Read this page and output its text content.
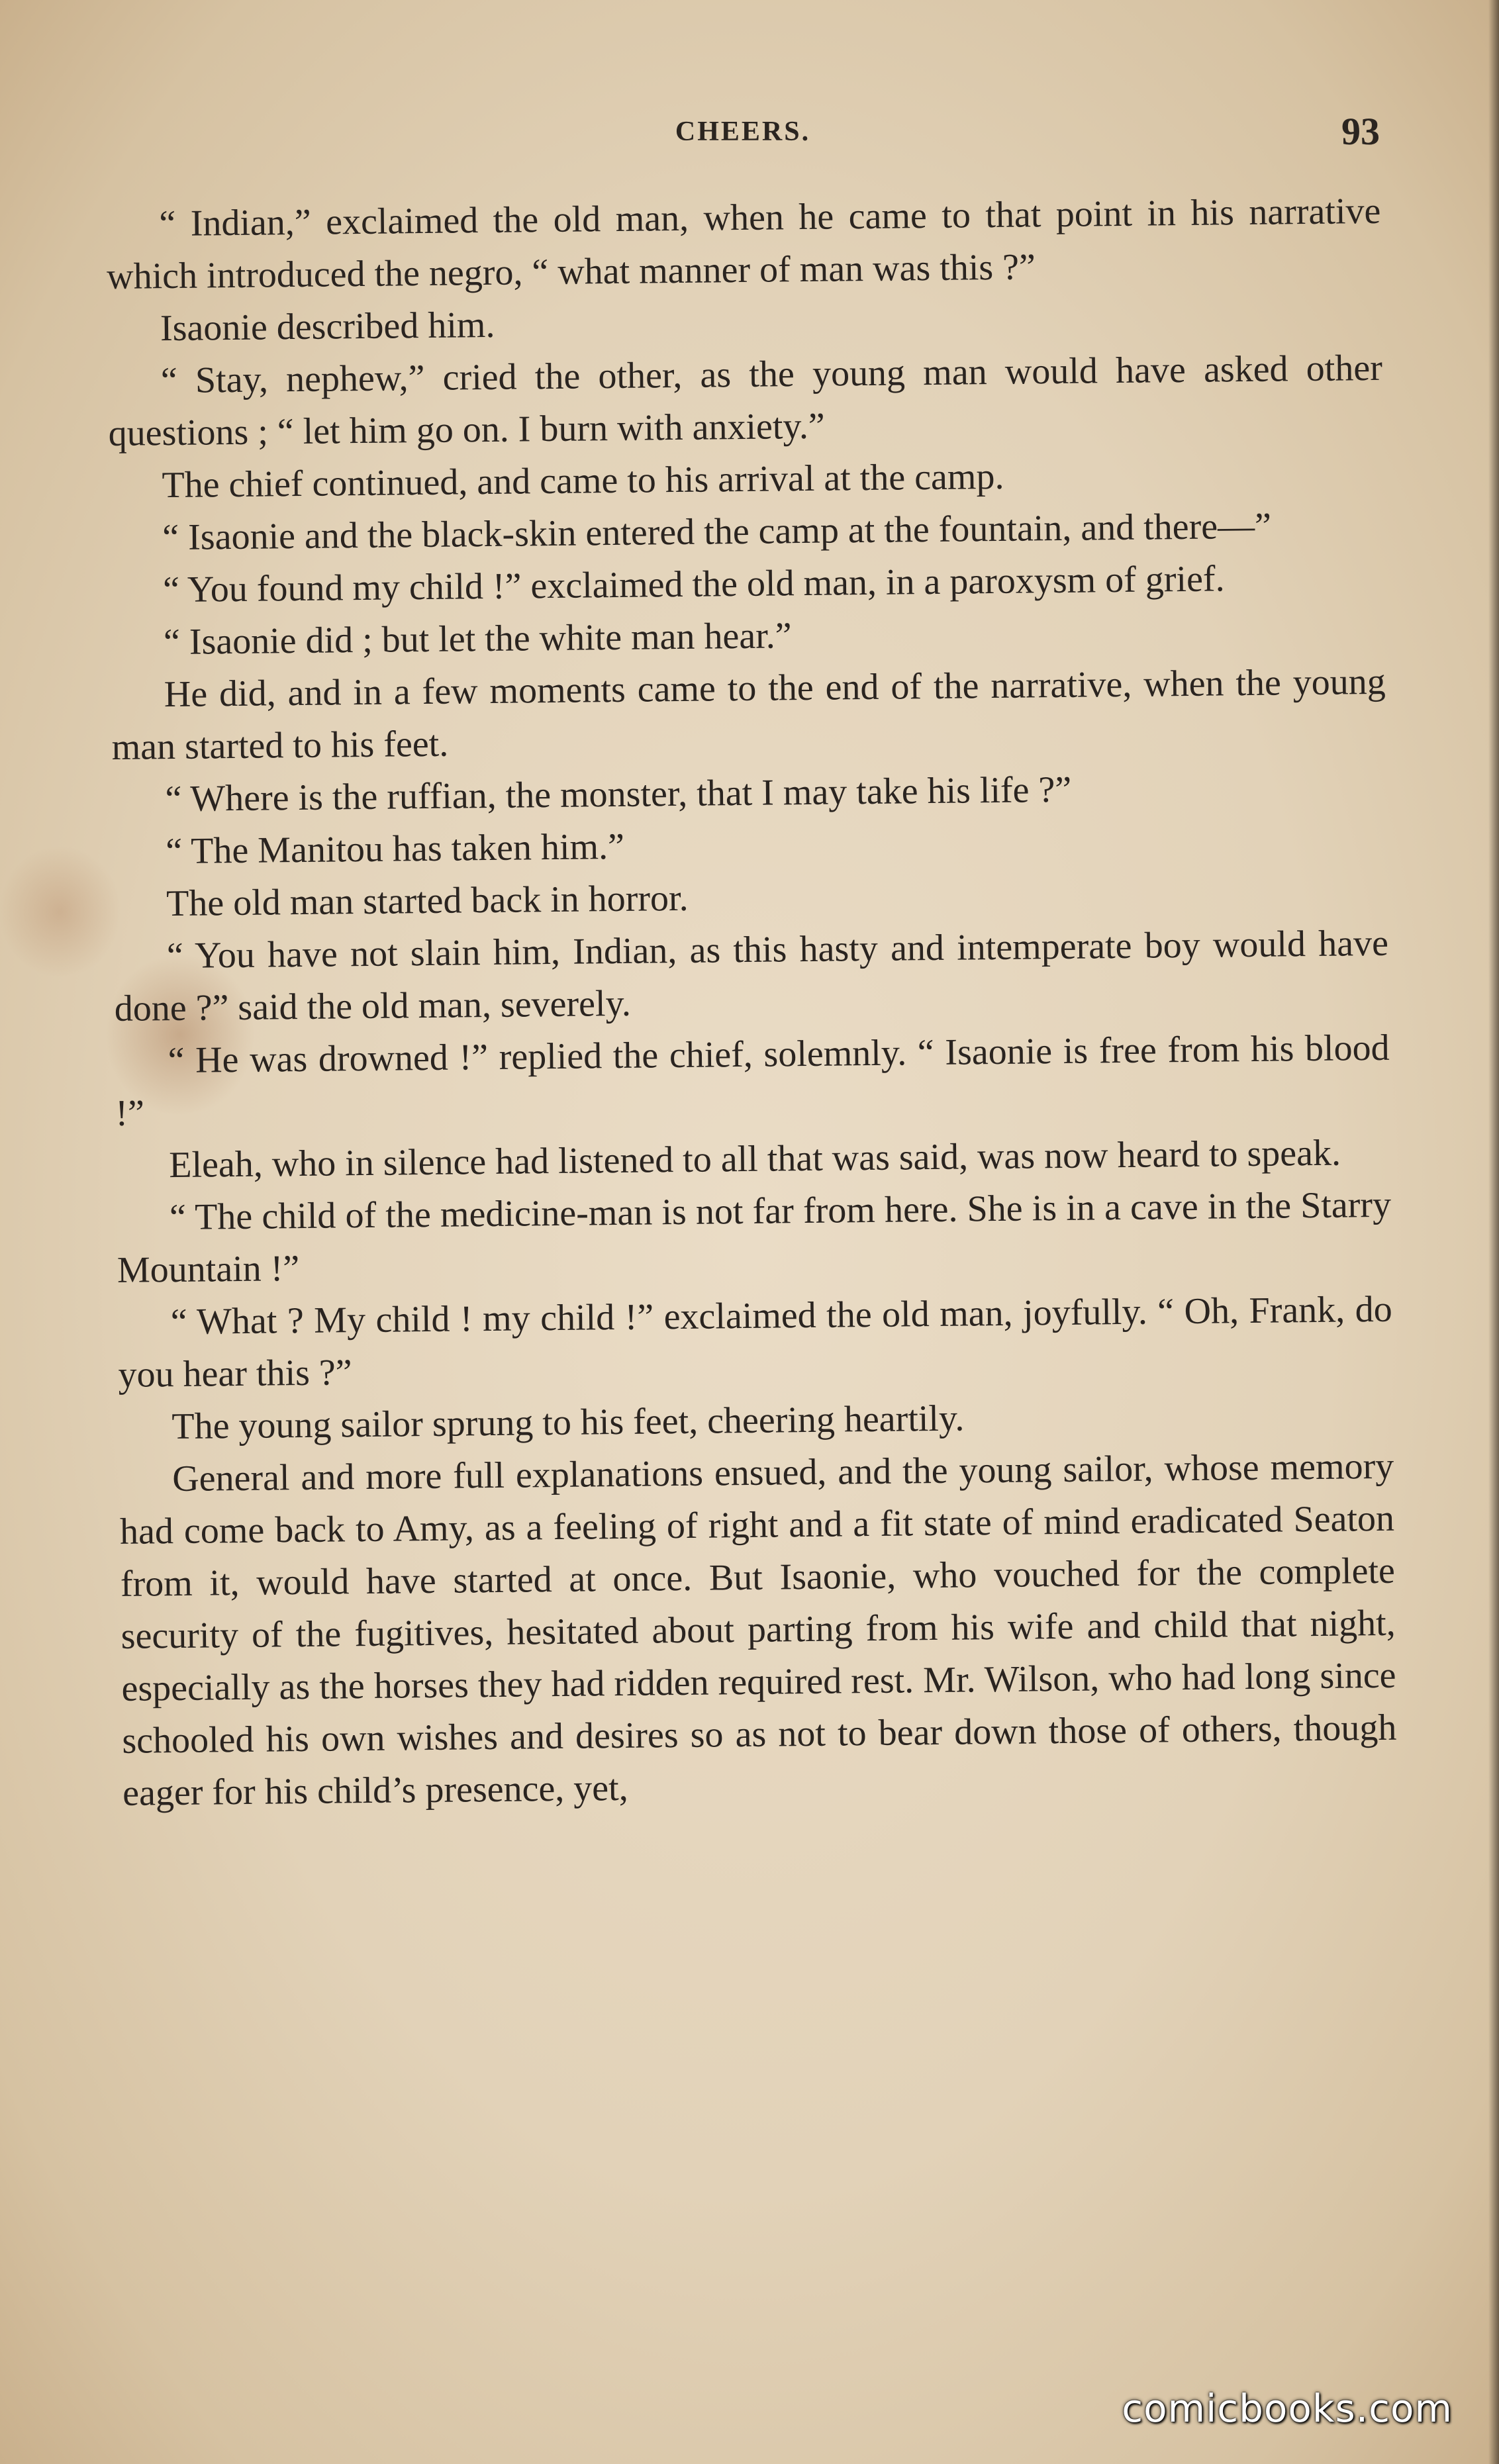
CHEERS.	93

“ Indian,” exclaimed the old man, when he came to that point in his narrative which introduced the negro, “ what manner of man was this ?”

Isaonie described him.

“ Stay, nephew,” cried the other, as the young man would have asked other questions ; “ let him go on. I burn with anxiety.”

The chief continued, and came to his arrival at the camp.

“ Isaonie and the black-skin entered the camp at the fountain, and there—”

“ You found my child !” exclaimed the old man, in a paroxysm of grief.

“ Isaonie did ; but let the white man hear.”

He did, and in a few moments came to the end of the narrative, when the young man started to his feet.

“ Where is the ruffian, the monster, that I may take his life ?”

“ The Manitou has taken him.”

The old man started back in horror.

“ You have not slain him, Indian, as this hasty and intemperate boy would have done ?” said the old man, severely.

“ He was drowned !” replied the chief, solemnly. “ Isaonie is free from his blood !”

Eleah, who in silence had listened to all that was said, was now heard to speak.

“ The child of the medicine-man is not far from here. She is in a cave in the Starry Mountain !”

“ What ? My child ! my child !” exclaimed the old man, joyfully. “ Oh, Frank, do you hear this ?”

The young sailor sprung to his feet, cheering heartily.

General and more full explanations ensued, and the young sailor, whose memory had come back to Amy, as a feeling of right and a fit state of mind eradicated Seaton from it, would have started at once. But Isaonie, who vouched for the complete security of the fugitives, hesitated about parting from his wife and child that night, especially as the horses they had ridden required rest. Mr. Wilson, who had long since schooled his own wishes and desires so as not to bear down those of others, though eager for his child’s presence, yet,

comicbooks.com
